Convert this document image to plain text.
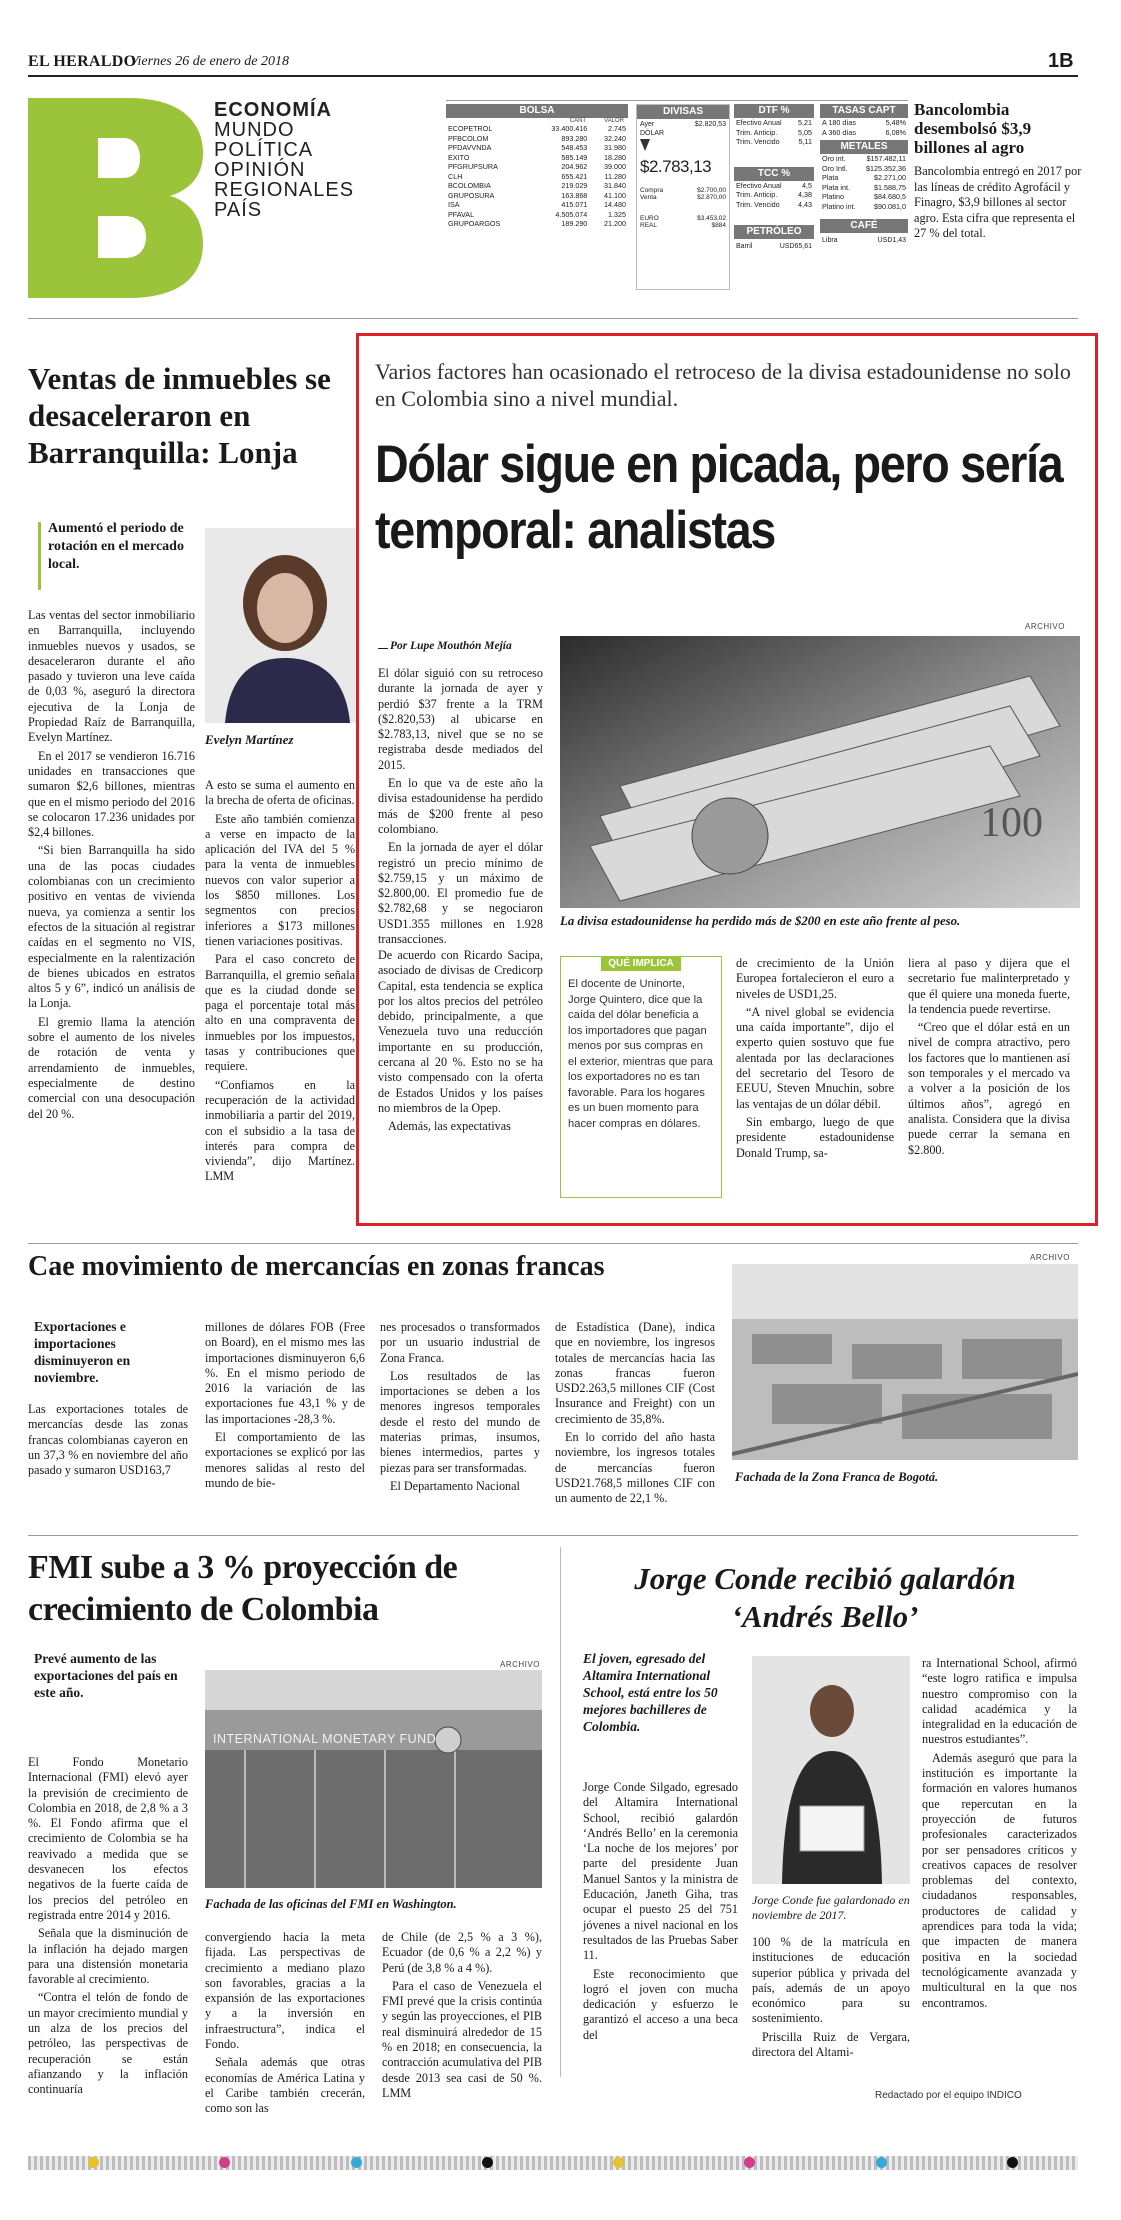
EL HERALDO
Viernes 26 de enero de 2018	1B
ECONOMÍA
MUNDO
POLÍTICA
OPINIÓN
REGIONALES
PAÍS
BOLSA
CANT	VALOR
ECOPETROL	33.400.416	2.745
PFBCOLOM	893.280	32.240
PFDAVVNDA	548.453	31.980
EXITO	585.149	18.280
PFGRUPSURA	204.962	39.000
CLH	655.421	11.280
BCOLOMBIA	219.029	31.840
GRUPOSURA	163.868	41.100
ISA	415.071	14.480
PFAVAL	4.505.074	1.325
GRUPOARGOS	189.290	21.200
DIVISAS
Ayer	$2.820,53
DÓLAR
$2.783,13
Compra	$2.700,00
Venta	$2.870,00
EURO	$3.453,02
REAL	$884
DTF %
Efectivo Anual	5,21
Trim. Anticip.	5,05
Trim. Vencido	5,11
TCC %
Efectivo Anual	4,5
Trim. Anticip.	4,38
Trim. Vencido	4,43
PETRÓLEO
Barril	USD65,61
TASAS CAPT
A 180 días	5,48%
A 360 días	6,08%
METALES
Oro int.	$157.482,11
Oro Intl.	$125.352,36
Plata	$2.271,00
Plata int.	$1.588,75
Platino	$84.680,5
Platino int.	$90.081,0
CAFÉ
Libra	USD1,43
Bancolombia
desembolsó $3,9
billones al agro
Bancolombia entregó en 2017 por las líneas de crédito Agrofácil y Finagro, $3,9 billones al sector agro. Esta cifra que representa el 27 % del total.
Ventas de inmuebles se desaceleraron en Barranquilla: Lonja
Aumentó el periodo de rotación en el mercado local.
Evelyn Martínez

Las ventas del sector inmobiliario en Barranquilla, incluyendo inmuebles nuevos y usados, se desaceleraron durante el año pasado y tuvieron una leve caída de 0,03 %, aseguró la directora ejecutiva de la Lonja de Propiedad Raíz de Barranquilla, Evelyn Martínez.

En el 2017 se vendieron 16.716 unidades en transacciones que sumaron $2,6 billones, mientras que en el mismo periodo del 2016 se colocaron 17.236 unidades por $2,4 billones.

“Si bien Barranquilla ha sido una de las pocas ciudades colombianas con un crecimiento positivo en ventas de vivienda nueva, ya comienza a sentir los efectos de la situación al registrar caídas en el segmento no VIS, especialmente en la ralentización de bienes ubicados en estratos altos 5 y 6”, indicó un análisis de la Lonja.

El gremio llama la atención sobre el aumento de los niveles de rotación de venta y arrendamiento de inmuebles, especialmente de destino comercial con una desocupación del 20 %.

A esto se suma el aumento en la brecha de oferta de oficinas.

Este año también comienza a verse en impacto de la aplicación del IVA del 5 % para la venta de inmuebles nuevos con valor superior a los $850 millones. Los segmentos con precios inferiores a $173 millones tienen variaciones positivas.

Para el caso concreto de Barranquilla, el gremio señala que es la ciudad donde se paga el porcentaje total más alto en una compraventa de inmuebles por los impuestos, tasas y contribuciones que requiere.

“Confiamos en la recuperación de la actividad inmobiliaria a partir del 2019, con el subsidio a la tasa de interés para compra de vivienda”, dijo Martínez. LMM

Varios factores han ocasionado el retroceso de la divisa estadounidense no solo en Colombia sino a nivel mundial.
Dólar sigue en picada, pero sería temporal: analistas
ARCHIVO
Por Lupe Mouthón Mejía
100
La divisa estadounidense ha perdido más de $200 en este año frente al peso.

El dólar siguió con su retroceso durante la jornada de ayer y perdió $37 frente a la TRM ($2.820,53) al ubicarse en $2.783,13, nivel que se no se registraba desde mediados del 2015.

En lo que va de este año la divisa estadounidense ha perdido más de $200 frente al peso colombiano.

En la jornada de ayer el dólar registró un precio mínimo de $2.759,15 y un máximo de $2.800,00. El promedio fue de $2.782,68 y se negociaron USD1.355 millones en 1.928 transacciones.

De acuerdo con Ricardo Sacipa, asociado de divisas de Credicorp Capital, esta tendencia se explica por los altos precios del petróleo debido, principalmente, a que Venezuela tuvo una reducción importante en su producción, cercana al 20 %. Esto no se ha visto compensado con la oferta de Estados Unidos y los países no miembros de la Opep.

Además, las expectativas

QUÉ IMPLICA
El docente de Uninorte, Jorge Quintero, dice que la caída del dólar beneficia a los importadores que pagan menos por sus compras en el exterior, mientras que para los exportadores no es tan favorable. Para los hogares es un buen momento para hacer compras en dólares.

de crecimiento de la Unión Europea fortalecieron el euro a niveles de USD1,25.

“A nivel global se evidencia una caída importante”, dijo el experto quien sostuvo que fue alentada por las declaraciones del secretario del Tesoro de EEUU, Steven Mnuchin, sobre las ventajas de un dólar débil.

Sin embargo, luego de que presidente estadounidense Donald Trump, sa-

liera al paso y dijera que el secretario fue malinterpretado y que él quiere una moneda fuerte, la tendencia puede revertirse.

“Creo que el dólar está en un nivel de compra atractivo, pero los factores que lo mantienen así son temporales y el mercado va a volver a la posición de los últimos años”, agregó en analista. Considera que la divisa puede cerrar la semana en $2.800.

Cae movimiento de mercancías en zonas francas
Exportaciones e importaciones disminuyeron en noviembre.
Las exportaciones totales de mercancías desde las zonas francas colombianas cayeron en un 37,3 % en noviembre del año pasado y sumaron USD163,7

millones de dólares FOB (Free on Board), en el mismo mes las importaciones disminuyeron 6,6 %. En el mismo periodo de 2016 la variación de las exportaciones fue 43,1 % y de las importaciones -28,3 %.

El comportamiento de las exportaciones se explicó por las menores salidas al resto del mundo de bie-

nes procesados o transformados por un usuario industrial de Zona Franca.

Los resultados de las importaciones se deben a los menores ingresos temporales desde el resto del mundo de materias primas, insumos, bienes intermedios, partes y piezas para ser transformadas.

El Departamento Nacional

de Estadística (Dane), indica que en noviembre, los ingresos totales de mercancías hacia las zonas francas fueron USD2.263,5 millones CIF (Cost Insurance and Freight) con un crecimiento de 35,8%.

En lo corrido del año hasta noviembre, los ingresos totales de mercancías fueron USD21.768,5 millones CIF con un aumento de 22,1 %.

ARCHIVO
Fachada de la Zona Franca de Bogotá.
FMI sube a 3 % proyección de crecimiento de Colombia
Prevé aumento de las exportaciones del país en este año.
ARCHIVO
INTERNATIONAL MONETARY FUND
Fachada de las oficinas del FMI en Washington.

El Fondo Monetario Internacional (FMI) elevó ayer la previsión de crecimiento de Colombia en 2018, de 2,8 % a 3 %. El Fondo afirma que el crecimiento de Colombia se ha reavivado a medida que se desvanecen los efectos negativos de la fuerte caída de los precios del petróleo en registrada entre 2014 y 2016.

Señala que la disminución de la inflación ha dejado margen para una distensión monetaria favorable al crecimiento.

“Contra el telón de fondo de un mayor crecimiento mundial y un alza de los precios del petróleo, las perspectivas de recuperación se están afianzando y la inflación continuaría

convergiendo hacia la meta fijada. Las perspectivas de crecimiento a mediano plazo son favorables, gracias a la expansión de las exportaciones y a la inversión en infraestructura”, indica el Fondo.

Señala además que otras economías de América Latina y el Caribe también crecerán, como son las

de Chile (de 2,5 % a 3 %), Ecuador (de 0,6 % a 2,2 %) y Perú (de 3,8 % a 4 %).

Para el caso de Venezuela el FMI prevé que la crisis continúa y según las proyecciones, el PIB real disminuirá alrededor de 15 % en 2018; en consecuencia, la contracción acumulativa del PIB desde 2013 sea casi de 50 %. LMM

Jorge Conde recibió galardón ‘Andrés Bello’
El joven, egresado del Altamira International School, está entre los 50 mejores bachilleres de Colombia.
Jorge Conde fue galardonado en noviembre de 2017.

Jorge Conde Silgado, egresado del Altamira International School, recibió galardón ‘Andrés Bello’ en la ceremonia ‘La noche de los mejores’ por parte del presidente Juan Manuel Santos y la ministra de Educación, Janeth Giha, tras ocupar el puesto 25 del 751 jóvenes a nivel nacional en los resultados de las Pruebas Saber 11.

Este reconocimiento que logró el joven con mucha dedicación y esfuerzo le garantizó el acceso a una beca del

100 % de la matrícula en instituciones de educación superior pública y privada del país, además de un apoyo económico para su sostenimiento.

Priscilla Ruiz de Vergara, directora del Altami-

ra International School, afirmó “este logro ratifica e impulsa nuestro compromiso con la calidad académica y la integralidad en la educación de nuestros estudiantes”.

Además aseguró que para la institución es importante la formación en valores humanos que repercutan en la proyección de futuros profesionales caracterizados por ser pensadores críticos y creativos capaces de resolver problemas del contexto, ciudadanos responsables, productores de calidad y aprendices para toda la vida; que impacten de manera positiva en la sociedad tecnológicamente avanzada y multicultural en la que nos encontramos.

Redactado por el equipo INDICO
